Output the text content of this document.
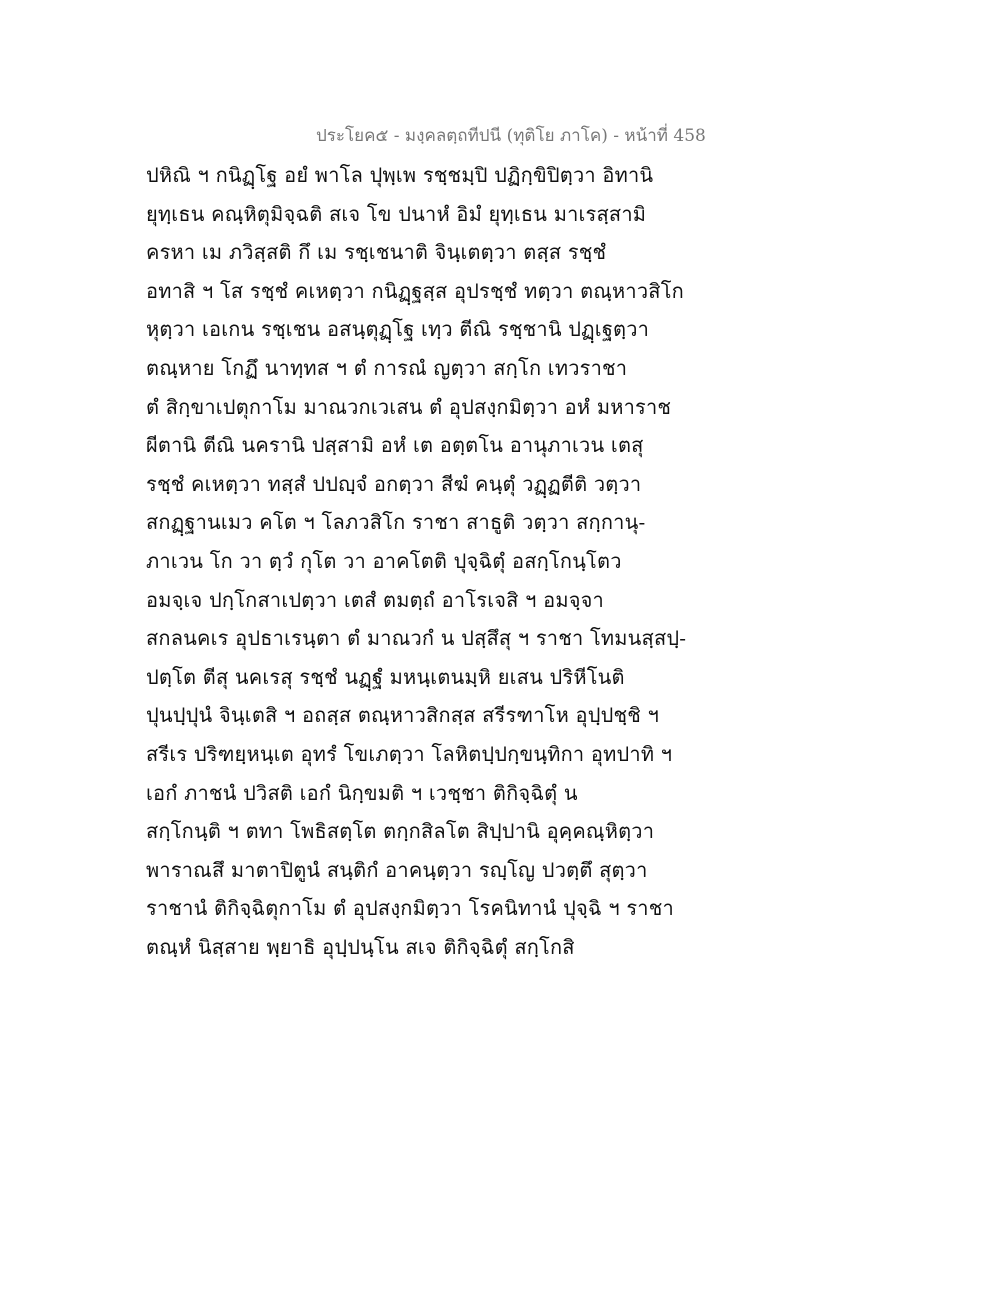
ประโยค๕ - มงฺคลตฺถทีปนี (ทุติโย ภาโค) - หน้าที่ 458
ปหิณิ ฯ กนิฏฺโฐ อยํ พาโล ปุพฺเพ รชฺชมฺปิ ปฏิกฺขิปิตฺวา อิทานิ
ยุทฺเธน คณฺหิตุมิจฺฉติ สเจ โข ปนาหํ อิมํ ยุทฺเธน มาเรสฺสามิ
ครหา เม ภวิสฺสติ กึ เม รชฺเชนาติ จินฺเตตฺวา ตสฺส รชฺชํ
อทาสิ ฯ โส รชฺชํ คเหตฺวา กนิฏฺฐสฺส อุปรชฺชํ ทตฺวา ตณฺหาวสิโก
หุตฺวา เอเกน รชฺเชน อสนฺตุฏฺโฐ เทฺว ตีณิ รชฺชานิ ปฏฺเฐตฺวา
ตณฺหาย โกฏึ นาทฺทส ฯ ตํ การณํ ญตฺวา สกฺโก เทวราชา
ตํ สิกฺขาเปตุกาโม มาณวกเวเสน ตํ อุปสงฺกมิตฺวา อหํ มหาราช
ผีตานิ ตีณิ นครานิ ปสฺสามิ อหํ เต อตฺตโน อานุภาเวน เตสุ
รชฺชํ คเหตฺวา ทสฺสํ ปปญฺจํ อกตฺวา สีฆํ คนฺตุํ วฏฺฏตีติ วตฺวา
สกฏฺฐานเมว คโต ฯ โลภวสิโก ราชา สาธูติ วตฺวา สกฺกานุ-
ภาเวน โก วา ตฺวํ กุโต วา อาคโตติ ปุจฺฉิตุํ อสกฺโกนฺโตว
อมจฺเจ ปกฺโกสาเปตฺวา เตสํ ตมตฺถํ อาโรเจสิ ฯ อมจฺจา
สกลนคเร อุปธาเรนฺตา ตํ มาณวกํ น ปสฺสึสุ ฯ ราชา โทมนสฺสปฺ-
ปตฺโต ตีสุ นคเรสุ รชฺชํ นฏฺฐํ มหนฺเตนมฺหิ ยเสน ปริหีโนติ
ปุนปฺปุนํ จินฺเตสิ ฯ อถสฺส ตณฺหาวสิกสฺส สรีรฑาโห อุปฺปชฺชิ ฯ
สรีเร ปริฑยฺหนฺเต อุทรํ โขเภตฺวา โลหิตปฺปกฺขนฺทิกา อุทปาทิ ฯ
เอกํ ภาชนํ ปวิสติ เอกํ นิกฺขมติ ฯ เวชฺชา ติกิจฺฉิตุํ น
สกฺโกนฺติ ฯ ตทา โพธิสตฺโต ตกฺกสิลโต สิปฺปานิ อุคฺคณฺหิตฺวา
พาราณสึ มาตาปิตูนํ สนฺติกํ อาคนฺตฺวา รญฺโญ ปวตฺตึ สุตฺวา
ราชานํ ติกิจฺฉิตุกาโม ตํ อุปสงฺกมิตฺวา โรคนิทานํ ปุจฺฉิ ฯ ราชา
ตณฺหํ นิสฺสาย พฺยาธิ อุปฺปนฺโน สเจ ติกิจฺฉิตุํ สกฺโกสิ
